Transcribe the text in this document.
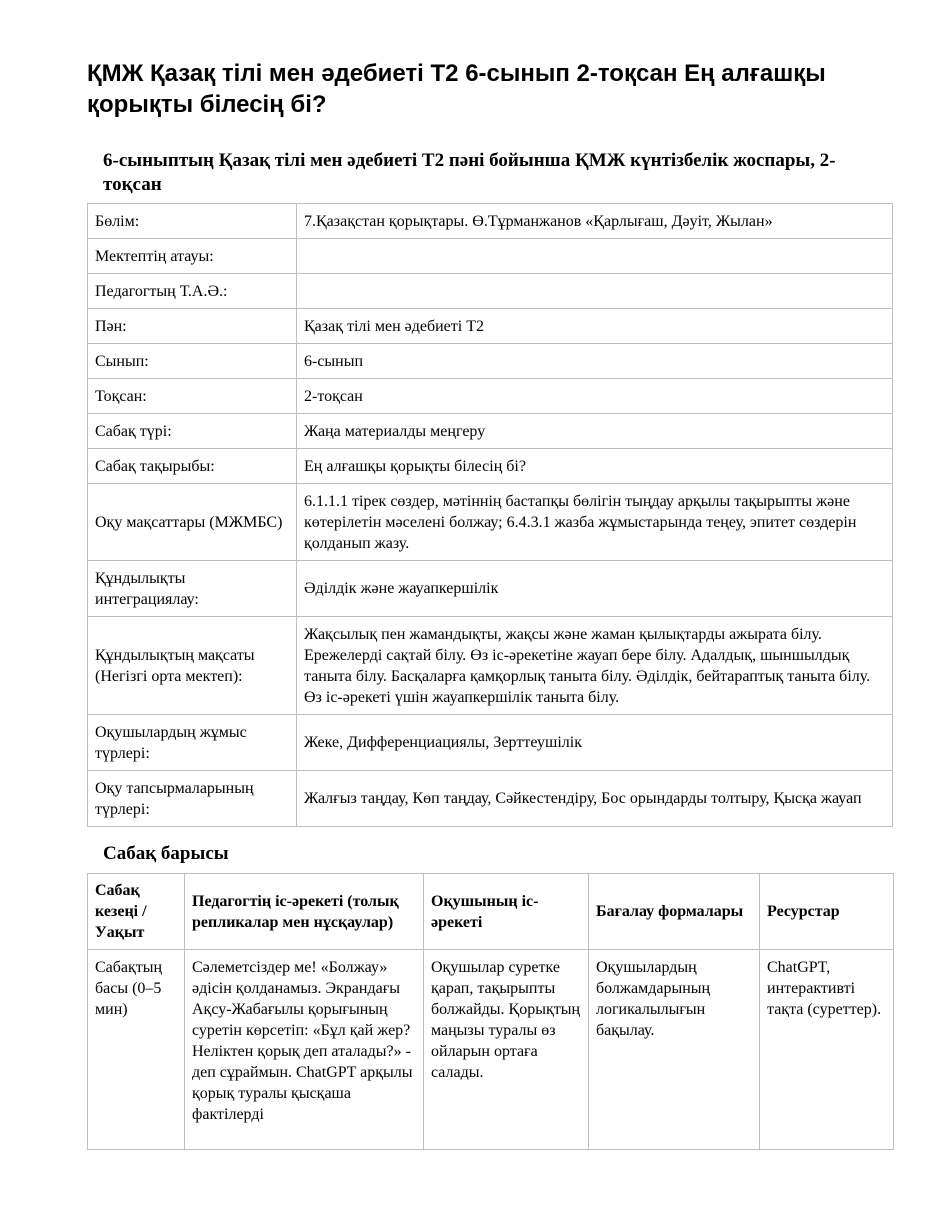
ҚМЖ Қазақ тілі мен әдебиеті Т2 6-сынып 2-тоқсан Ең алғашқы қорықты білесің бі?
6-сыныптың Қазақ тілі мен әдебиеті Т2 пәні бойынша ҚМЖ күнтізбелік жоспары, 2-тоқсан
Бөлім:	7.Қазақстан қорықтары. Ө.Тұрманжанов «Қарлығаш, Дәуіт, Жылан»
Мектептің атауы:	
Педагогтың Т.А.Ә.:	
Пән:	Қазақ тілі мен әдебиеті Т2
Сынып:	6-сынып
Тоқсан:	2-тоқсан
Сабақ түрі:	Жаңа материалды меңгеру
Сабақ тақырыбы:	Ең алғашқы қорықты білесің бі?
Оқу мақсаттары (МЖМБС)	6.1.1.1 тірек сөздер, мәтіннің бастапқы бөлігін тыңдау арқылы тақырыпты және көтерілетін мәселені болжау; 6.4.3.1 жазба жұмыстарында теңеу, эпитет сөздерін қолданып жазу.
Құндылықты интеграциялау:	Әділдік және жауапкершілік
Құндылықтың мақсаты (Негізгі орта мектеп):	Жақсылық пен жамандықты, жақсы және жаман қылықтарды ажырата білу. Ережелерді сақтай білу. Өз іс-әрекетіне жауап бере білу. Адалдық, шыншылдық таныта білу. Басқаларға қамқорлық таныта білу. Әділдік, бейтараптық таныта білу. Өз іс-әрекеті үшін жауапкершілік таныта білу.
Оқушылардың жұмыс түрлері:	Жеке, Дифференциациялы, Зерттеушілік
Оқу тапсырмаларының түрлері:	Жалғыз таңдау, Көп таңдау, Сәйкестендіру, Бос орындарды толтыру, Қысқа жауап
Сабақ барысы
Сабақ кезеңі / Уақыт	Педагогтің іс-әрекеті (толық репликалар мен нұсқаулар)	Оқушының іс-әрекеті	Бағалау формалары	Ресурстар
Сабақтың басы (0–5 мин)	Сәлеметсіздер ме! «Болжау» әдісін қолданамыз. Экрандағы Ақсу-Жабағылы қорығының суретін көрсетіп: «Бұл қай жер? Неліктен қорық деп аталады?» - деп сұраймын. ChatGPT арқылы қорық туралы қысқаша фактілерді	Оқушылар суретке қарап, тақырыпты болжайды. Қорықтың маңызы туралы өз ойларын ортаға салады.	Оқушылардың болжамдарының логикалылығын бақылау.	ChatGPT, интерактивті тақта (суреттер).
